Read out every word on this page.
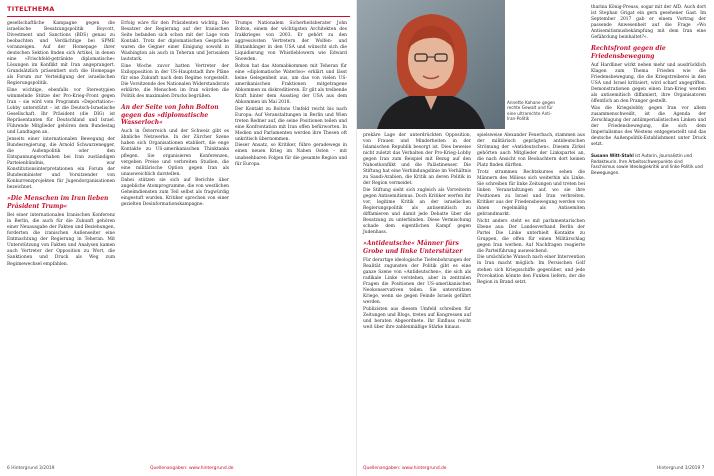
TITELTHEMA

gesellschaftliche Kampagne gegen die israelische Besatzungspolitik Boycott, Divestment und Sanctions (BDS) genau zu beobachten und Verdächtige bei SPME voranzeigen. Auf der Homepage ihrer deutschen Sektion finden sich Artikel, in denen eine »Frischfeld-getränkte diplomatische« Lösungen im Konflikt mit Iran angeprangert. Grundsätzlich präsentiert sich die Homepage als Forum zur Verteidigung der israelischen Regierungspolitik.

Eine wichtige, ebenfalls vor Stereotypien wimmelnde Stütze der Pro-Krieg-Front gegen Iran – sie wird vom Programm »Deportation«-Lobby unterstützt – ist die Deutsch-Israelische Gesellschaft. Ihr Präsident (die DIG) ist Repräsentanten für Deutschland und Israel. Führende Mitglieder gehören dem Bundestag und Landtagen an.

Jenseits einer internationalen Bewegung der Bundesregierung, die Arnold Schwarzenegger, die Außenpolitik oder den Entspannungsvorhaben bei Iran zuständigen Parteienbündnis, war Konstitutionsinterpretationen ein Forum der Bundesminister und Vorsitzender von Konkurrenzprojekten für Jugendorganisationen bezeichnet.

»Die Menschen im Iran lieben Präsident Trump«

Bei einer internationalen Iranischen Konferenz in Berlin, die auch für die Zukunft gehören einer Neuausgabe der Fakten und Beziehungen, forderten die iranischen Außenseiter eine Entmachtung der Regierung in Teheran. Mit Unterstützung von Fakten und Analysen kamen auch Vertreter der Opposition zu Wort, die Sanktionen und Druck als Weg zum Regimewechsel empfahlen.

Erfolg wäre für den Präsidenten wichtig. Die Besatzer der Regierung auf der Iranischen Seite befanden sich schon mit der Lage vom Kontakt. Trotz der diplomatischen Gespräche waren die Gegner einer Einigung sowohl in Washington als auch in Teheran und Jerusalem lautstark.

Eine Woche zuvor hatten Vertreter der Exilopposition in der US-Hauptstadt ihre Pläne für eine Zukunft nach dem Regime vorgestellt. Die Vorsitzende des Nationalen Widerstandsrats erklärte, die Menschen im Iran würden die Politik des maximalen Drucks begrüßen.

An der Seite von John Bolton gegen das »diplomatische Wasserloch«

Auch in Österreich und der Schweiz gibt es ähnliche Netzwerke. In der Zürcher Szene haben sich Organisationen etabliert, die enge Kontakte zu US-amerikanischen Thinktanks pflegen. Sie organisieren Konferenzen, vergeben Preise und verbreiten Studien, die eine militärische Option gegen Iran als unausweichlich darstellen.

Dabei stützen sie sich auf Berichte über angebliche Atomprogramme, die von westlichen Geheimdiensten zum Teil selbst als fragwürdig eingestuft wurden. Kritiker sprechen von einer gezielten Desinformationskampagne.

Trumps Nationalem Sicherheitsberater John Bolton, einem der wichtigsten Architekten des Irakkrieges von 2003. Er gehört zu den aggressivsten Vertretern der Wolfen- und Blutanhänger in den USA und wünscht sich die Liquidierung von Whistleblowern wie Edward Snowden.

Bolton hat das Atomabkommen mit Teheran für eine »diplomatische Waterloo« erklärt und lässt keine Gelegenheit aus, um das von vielen US-amerikanischen Fraktionen mitgetragene Abkommen zu diskreditieren. Er gilt als treibende Kraft hinter dem Ausstieg der USA aus dem Abkommen im Mai 2018.

Der Kontakt zu Boltons Umfeld reicht bis nach Europa: Auf Veranstaltungen in Berlin und Wien treten Redner auf, die seine Positionen teilen und eine Konfrontation mit Iran offen befürworten. In Medien und Parlamenten werden ihre Thesen oft unkritisch übernommen.

Dieser Ansatz, so Kritiker, führe geradewegs in einen neuen Krieg im Nahen Osten – mit unabsehbaren Folgen für die gesamte Region und für Europa.

6 Hintergrund 3/2019	Quellenangaben: www.hintergrund.de
Annette Kahane gegen rechte Gewalt und für eine ultrarechte Anti-Iran-Politik

prekäre Lage der unterdrückten Opposition, von Frauen und Minderheiten in der Islamischen Republik besorgt ist. Dies beweise nicht zuletzt das Verhalten der Pro-Krieg-Lobby gegen Iran zum Beispiel mit Bezug auf den Nahostkonflikt und die Palästinenser. Die Stiftung hat eine Verbindungslinie im Verhältnis zu Saudi-Arabien, die Kritik an deren Politik in der Region vermeidet.

Die Stiftung sieht sich zugleich als Vorreiterin gegen Antisemitismus. Doch Kritiker werfen ihr vor, legitime Kritik an der israelischen Regierungspolitik als antisemitisch zu diffamieren und damit jede Debatte über die Besatzung zu unterbinden. Diese Vermischung schade dem eigentlichen Kampf gegen Judenhass.

»Antideutsche« Männer fürs Grobe und linke Unterstützer

Für derartige ideologische Tiefenbohrungen der Realität zugunsten der Politik gibt es eine ganze Szene von »Antideutschen«, die sich als radikale Linke verstehen, aber in zentralen Fragen die Positionen der US-amerikanischen Neokonservativen teilen. Sie unterstützen Kriege, wenn sie gegen Feinde Israels geführt werden.

Publizisten aus diesem Umfeld schreiben für Zeitungen und Blogs, treten auf Kongressen auf und beraten Abgeordnete. Ihr Einfluss reicht weit über ihre zahlenmäßige Stärke hinaus.

spielsweise Alexander Feuerbach, stammen aus der militärisch geprägten antideutschen Strömung der »Antideutschen«. Diesem Zirkel gehörten auch Mitglieder der Linkspartei an, die nach Ansicht von Beobachtern dort keinen Platz finden dürften.

Trotz strammen Rechtskurses sehen die Männern des Milieus sich weiterhin als Linke. Sie schreiben für linke Zeitungen und treten bei linken Veranstaltungen auf, wo sie ihre Positionen zu Israel und Iran verbreiten. Kritiker aus der Friedensbewegung werden von ihnen regelmäßig als Antisemiten gebrandmarkt.

Nicht anders steht es mit parlamentarischen Ebene aus: Der Landesverband Berlin der Partei Die Linke unterhielt Kontakte zu Gruppen, die offen für einen Militärschlag gegen Iran werben. Auf Nachfragen reagierte die Parteiführung ausweichend.

Die ursächliche Wunsch nach einer Intervention in Iran macht möglich: Im Persischen Golf stehen sich Kriegsschiffe gegenüber, und jede Provokation könnte den Funken liefern, der die Region in Brand setzt.

tharina König-Preuss, sogar mit der AfD. Auch dort ist Stephan Grigat ein gern gesehener Gast. Im September 2017 gab er einem Vortrag der passende Anwesenheit auf die Frage »Wo Antisemitismusbekämpfung mit dem Iran eine Gefährdung beinhaltet?«.

Rechtsfront gegen die Friedensbewegung

Auf Hardliner wirkt neben mehr und ausdrücklich Klagen zum Thema Frieden wie die Friedensbewegung, die die Kriegstreiberei in den USA und Israel kritisiert, wird scharf angegriffen. Demonstrationen gegen einen Iran-Krieg werden als antisemitisch diffamiert, ihre Organisatoren öffentlich an den Pranger gestellt.

Was die Kriegslobby gegen Iran vor allem zusammenschweißt, ist die Agenda der Zerschlagung der antiimperialistischen Linken und der Friedensbewegung, die sich dem Imperialismus des Westens entgegenstellt und das deutsche Außenpolitik-Establishment unter Druck setzt.

Susann Witt-Stahl ist Autorin, Journalistin und Redakteurin. Ihre Arbeitsschwerpunkte sind Faschismus sowie Ideologiekritik und linke Politik und Bewegungen.
Quellenangaben: www.hintergrund.de	Hintergrund 3/2019 7
